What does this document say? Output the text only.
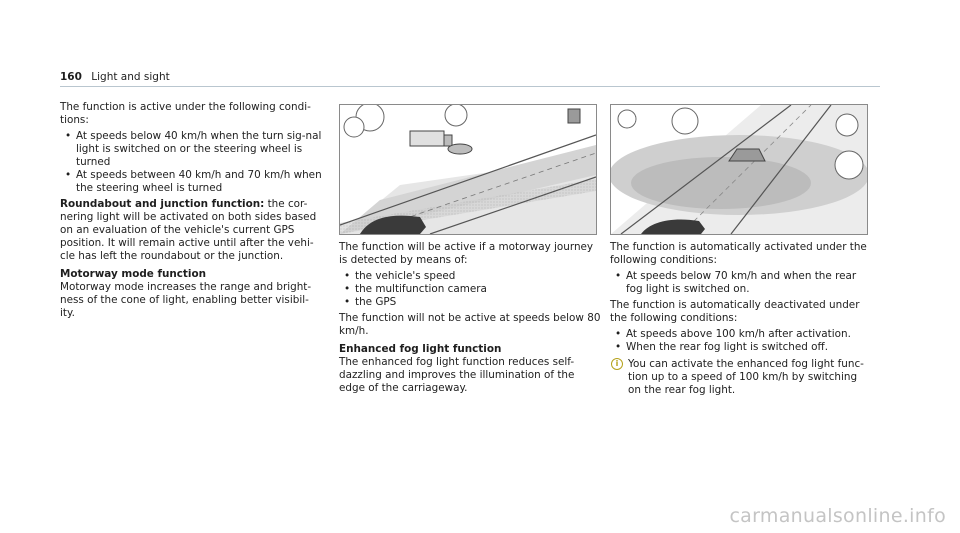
160 Light and sight

The function is active under the following condi-tions:

• At speeds below 40 km/h when the turn sig-nal light is switched on or the steering wheel is turned

• At speeds between 40 km/h and 70 km/h when the steering wheel is turned

Roundabout and junction function: the cor-nering light will be activated on both sides based on an evaluation of the vehicle's current GPS position. It will remain active until after the vehi-cle has left the roundabout or the junction.

Motorway mode function

Motorway mode increases the range and bright-ness of the cone of light, enabling better visibil-ity.

The function will be active if a motorway journey is detected by means of:

• the vehicle's speed

• the multifunction camera

• the GPS

The function will not be active at speeds below 80 km/h.

Enhanced fog light function

The enhanced fog light function reduces self-dazzling and improves the illumination of the edge of the carriageway.

The function is automatically activated under the following conditions:

• At speeds below 70 km/h and when the rear fog light is switched on.

The function is automatically deactivated under the following conditions:

• At speeds above 100 km/h after activation.

• When the rear fog light is switched off.

i You can activate the enhanced fog light func-tion up to a speed of 100 km/h by switching on the rear fog light.
carmanualsonline.info
